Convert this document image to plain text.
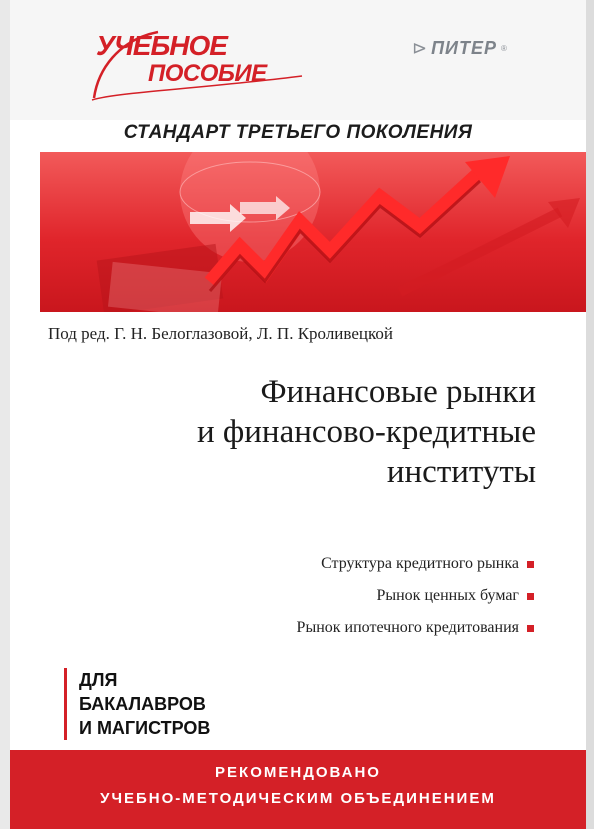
УЧЕБНОЕ
ПОСОБИЕ
⊳ ПИТЕР ®
СТАНДАРТ ТРЕТЬЕГО ПОКОЛЕНИЯ
Под ред. Г. Н. Белоглазовой, Л. П. Кроливецкой
Финансовые рынки
и финансово-кредитные
институты
Структура кредитного рынка
Рынок ценных бумаг
Рынок ипотечного кредитования
ДЛЯ
БАКАЛАВРОВ
И МАГИСТРОВ
РЕКОМЕНДОВАНО
УЧЕБНО-МЕТОДИЧЕСКИМ ОБЪЕДИНЕНИЕМ
